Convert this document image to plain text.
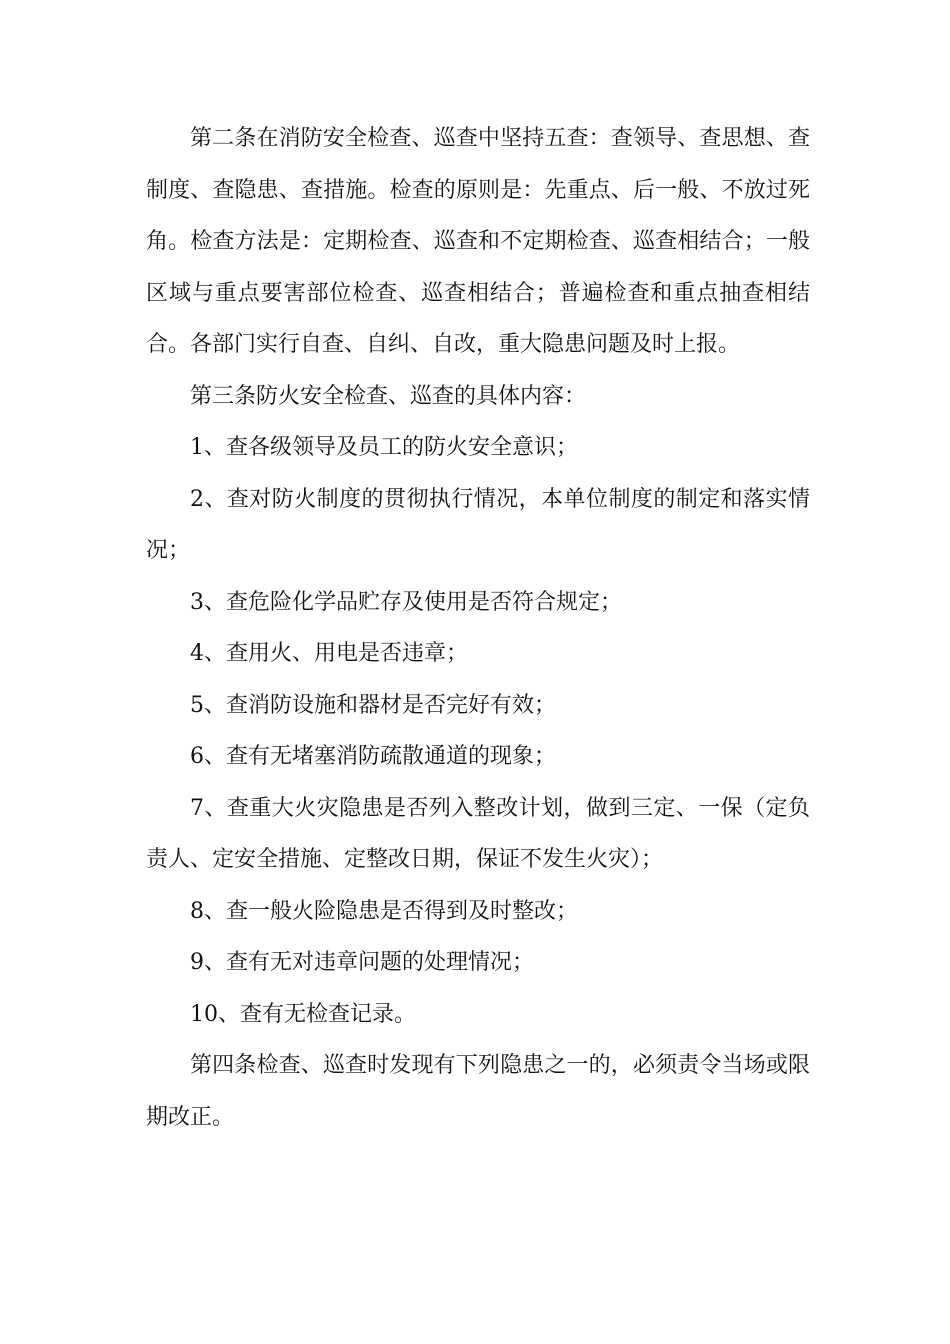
第二条在消防安全检查、巡查中坚持五查：查领导、查思想、查制度、查隐患、查措施。检查的原则是：先重点、后一般、不放过死角。检查方法是：定期检查、巡查和不定期检查、巡查相结合；一般区域与重点要害部位检查、巡查相结合；普遍检查和重点抽查相结合。各部门实行自查、自纠、自改，重大隐患问题及时上报。

第三条防火安全检查、巡查的具体内容：

1、查各级领导及员工的防火安全意识；

2、查对防火制度的贯彻执行情况，本单位制度的制定和落实情况；

3、查危险化学品贮存及使用是否符合规定；

4、查用火、用电是否违章；

5、查消防设施和器材是否完好有效；

6、查有无堵塞消防疏散通道的现象；

7、查重大火灾隐患是否列入整改计划，做到三定、一保（定负责人、定安全措施、定整改日期，保证不发生火灾）；

8、查一般火险隐患是否得到及时整改；

9、查有无对违章问题的处理情况；

10、查有无检查记录。

第四条检查、巡查时发现有下列隐患之一的，必须责令当场或限期改正。
